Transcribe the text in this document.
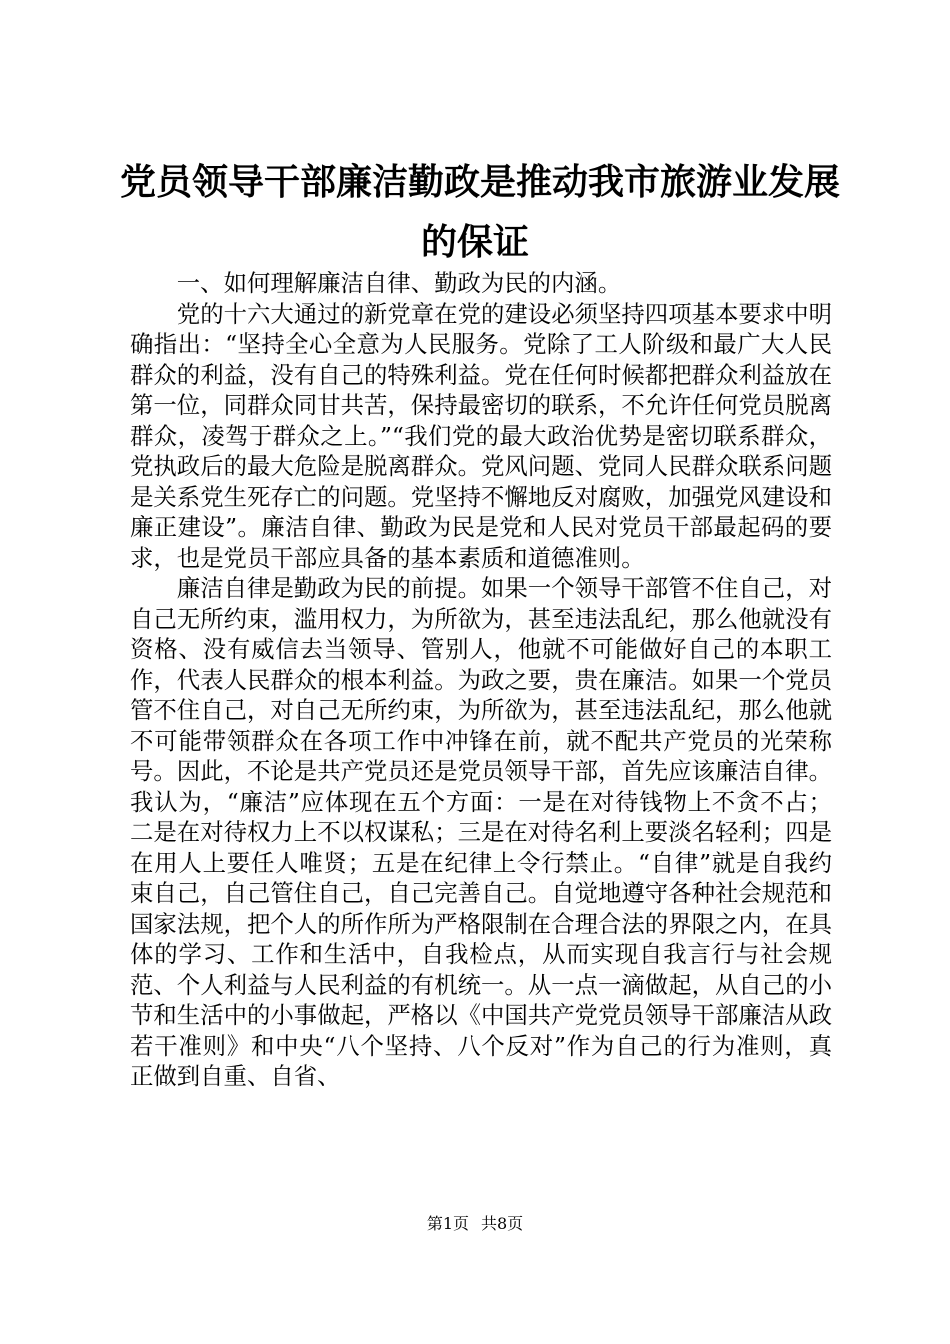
党员领导干部廉洁勤政是推动我市旅游业发展
的保证

一、如何理解廉洁自律、勤政为民的内涵。

党的十六大通过的新党章在党的建设必须坚持四项基本要求中明确指出：“坚持全心全意为人民服务。党除了工人阶级和最广大人民群众的利益，没有自己的特殊利益。党在任何时候都把群众利益放在第一位，同群众同甘共苦，保持最密切的联系，不允许任何党员脱离群众，凌驾于群众之上。”“我们党的最大政治优势是密切联系群众，党执政后的最大危险是脱离群众。党风问题、党同人民群众联系问题是关系党生死存亡的问题。党坚持不懈地反对腐败，加强党风建设和廉正建设”。廉洁自律、勤政为民是党和人民对党员干部最起码的要求，也是党员干部应具备的基本素质和道德准则。

廉洁自律是勤政为民的前提。如果一个领导干部管不住自己，对自己无所约束，滥用权力，为所欲为，甚至违法乱纪，那么他就没有资格、没有威信去当领导、管别人，他就不可能做好自己的本职工作，代表人民群众的根本利益。为政之要，贵在廉洁。如果一个党员管不住自己，对自己无所约束，为所欲为，甚至违法乱纪，那么他就不可能带领群众在各项工作中冲锋在前，就不配共产党员的光荣称号。因此，不论是共产党员还是党员领导干部，首先应该廉洁自律。我认为，“廉洁”应体现在五个方面：一是在对待钱物上不贪不占；二是在对待权力上不以权谋私；三是在对待名利上要淡名轻利；四是在用人上要任人唯贤；五是在纪律上令行禁止。“自律”就是自我约束自己，自己管住自己，自己完善自己。自觉地遵守各种社会规范和国家法规，把个人的所作所为严格限制在合理合法的界限之内，在具体的学习、工作和生活中，自我检点，从而实现自我言行与社会规范、个人利益与人民利益的有机统一。从一点一滴做起，从自己的小节和生活中的小事做起，严格以《中国共产党党员领导干部廉洁从政若干准则》和中央“八个坚持、八个反对”作为自己的行为准则，真正做到自重、自省、

第1页 共8页
